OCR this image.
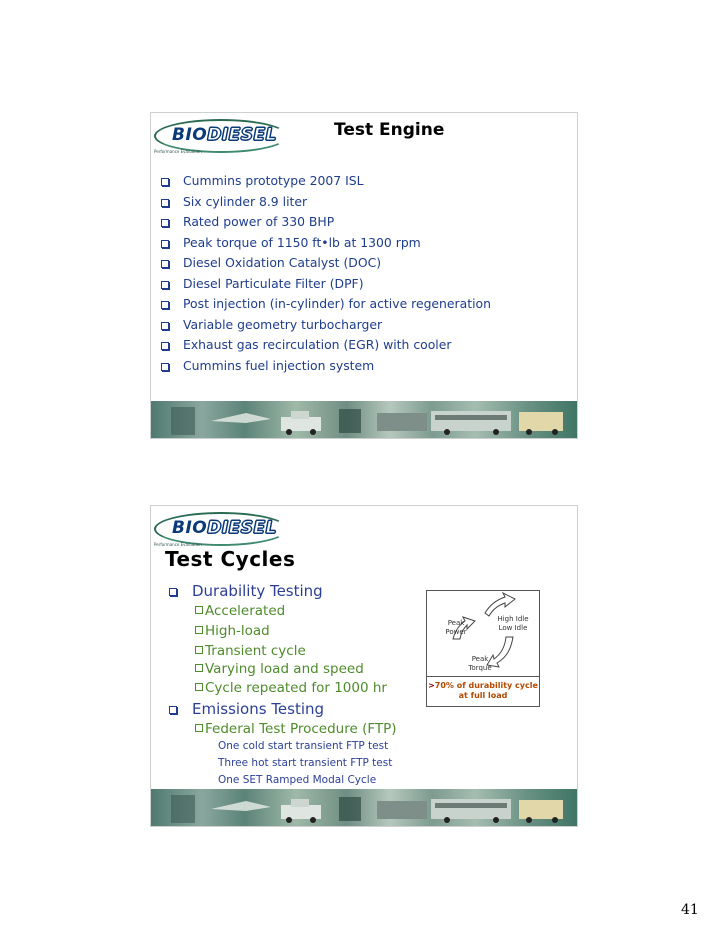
BIODIESEL
Performance Evaluation
Test Engine
Cummins prototype 2007 ISL
Six cylinder 8.9 liter
Rated power of 330 BHP
Peak torque of 1150 ft•lb at 1300 rpm
Diesel Oxidation Catalyst (DOC)
Diesel Particulate Filter (DPF)
Post injection (in-cylinder) for active regeneration
Variable geometry turbocharger
Exhaust gas recirculation (EGR) with cooler
Cummins fuel injection system
BIODIESEL
Performance Evaluation
Test Cycles
Durability Testing
Accelerated
High-load
Transient cycle
Varying load and speed
Cycle repeated for 1000 hr
Emissions Testing
Federal Test Procedure (FTP)
One cold start transient FTP test
Three hot start transient FTP test
One SET Ramped Modal Cycle
Peak Power
High Idle Low Idle
Peak Torque
>70% of durability cycle at full load
41
